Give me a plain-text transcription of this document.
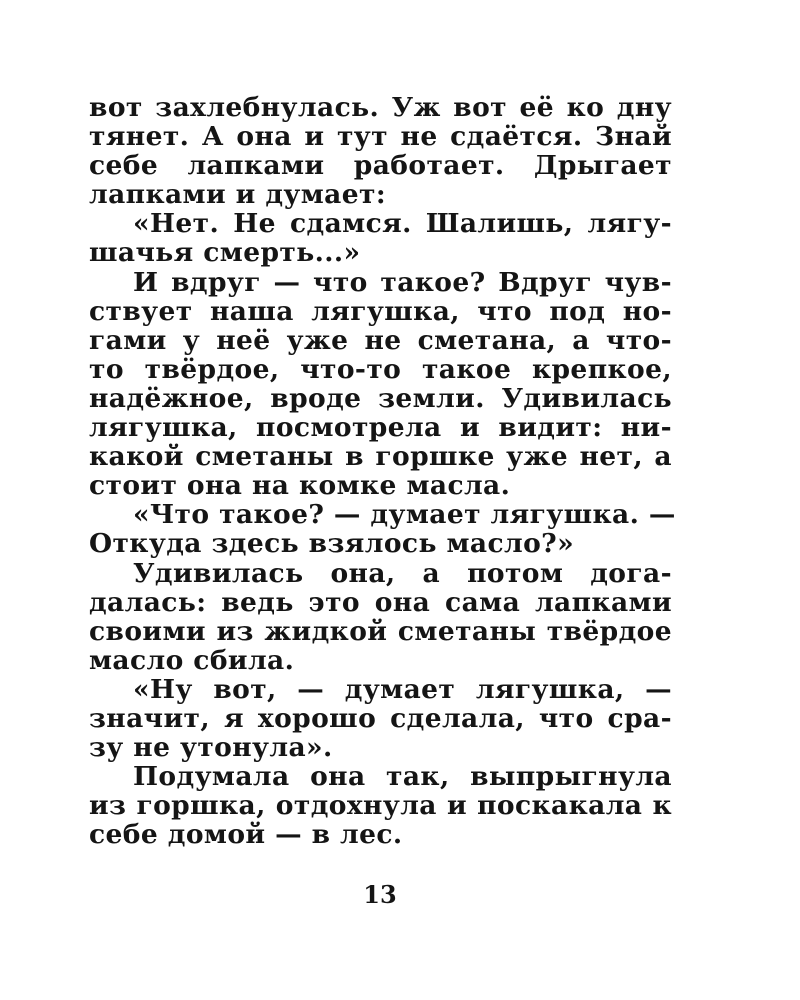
вот захлебнулась. Уж вот её ко дну
тянет. А она и тут не сдаётся. Знай
себе лапками работает. Дрыгает
лапками и думает:
«Нет. Не сдамся. Шалишь, лягу-
шачья смерть...»
И вдруг — что такое? Вдруг чув-
ствует наша лягушка, что под но-
гами у неё уже не сметана, а что-
то твёрдое, что-то такое крепкое,
надёжное, вроде земли. Удивилась
лягушка, посмотрела и видит: ни-
какой сметаны в горшке уже нет, а
стоит она на комке масла.
«Что такое? — думает лягушка. —
Откуда здесь взялось масло?»
Удивилась она, а потом дога-
далась: ведь это она сама лапками
своими из жидкой сметаны твёрдое
масло сбила.
«Ну вот, — думает лягушка, —
значит, я хорошо сделала, что сра-
зу не утонула».
Подумала она так, выпрыгнула
из горшка, отдохнула и поскакала к
себе домой — в лес.
13
